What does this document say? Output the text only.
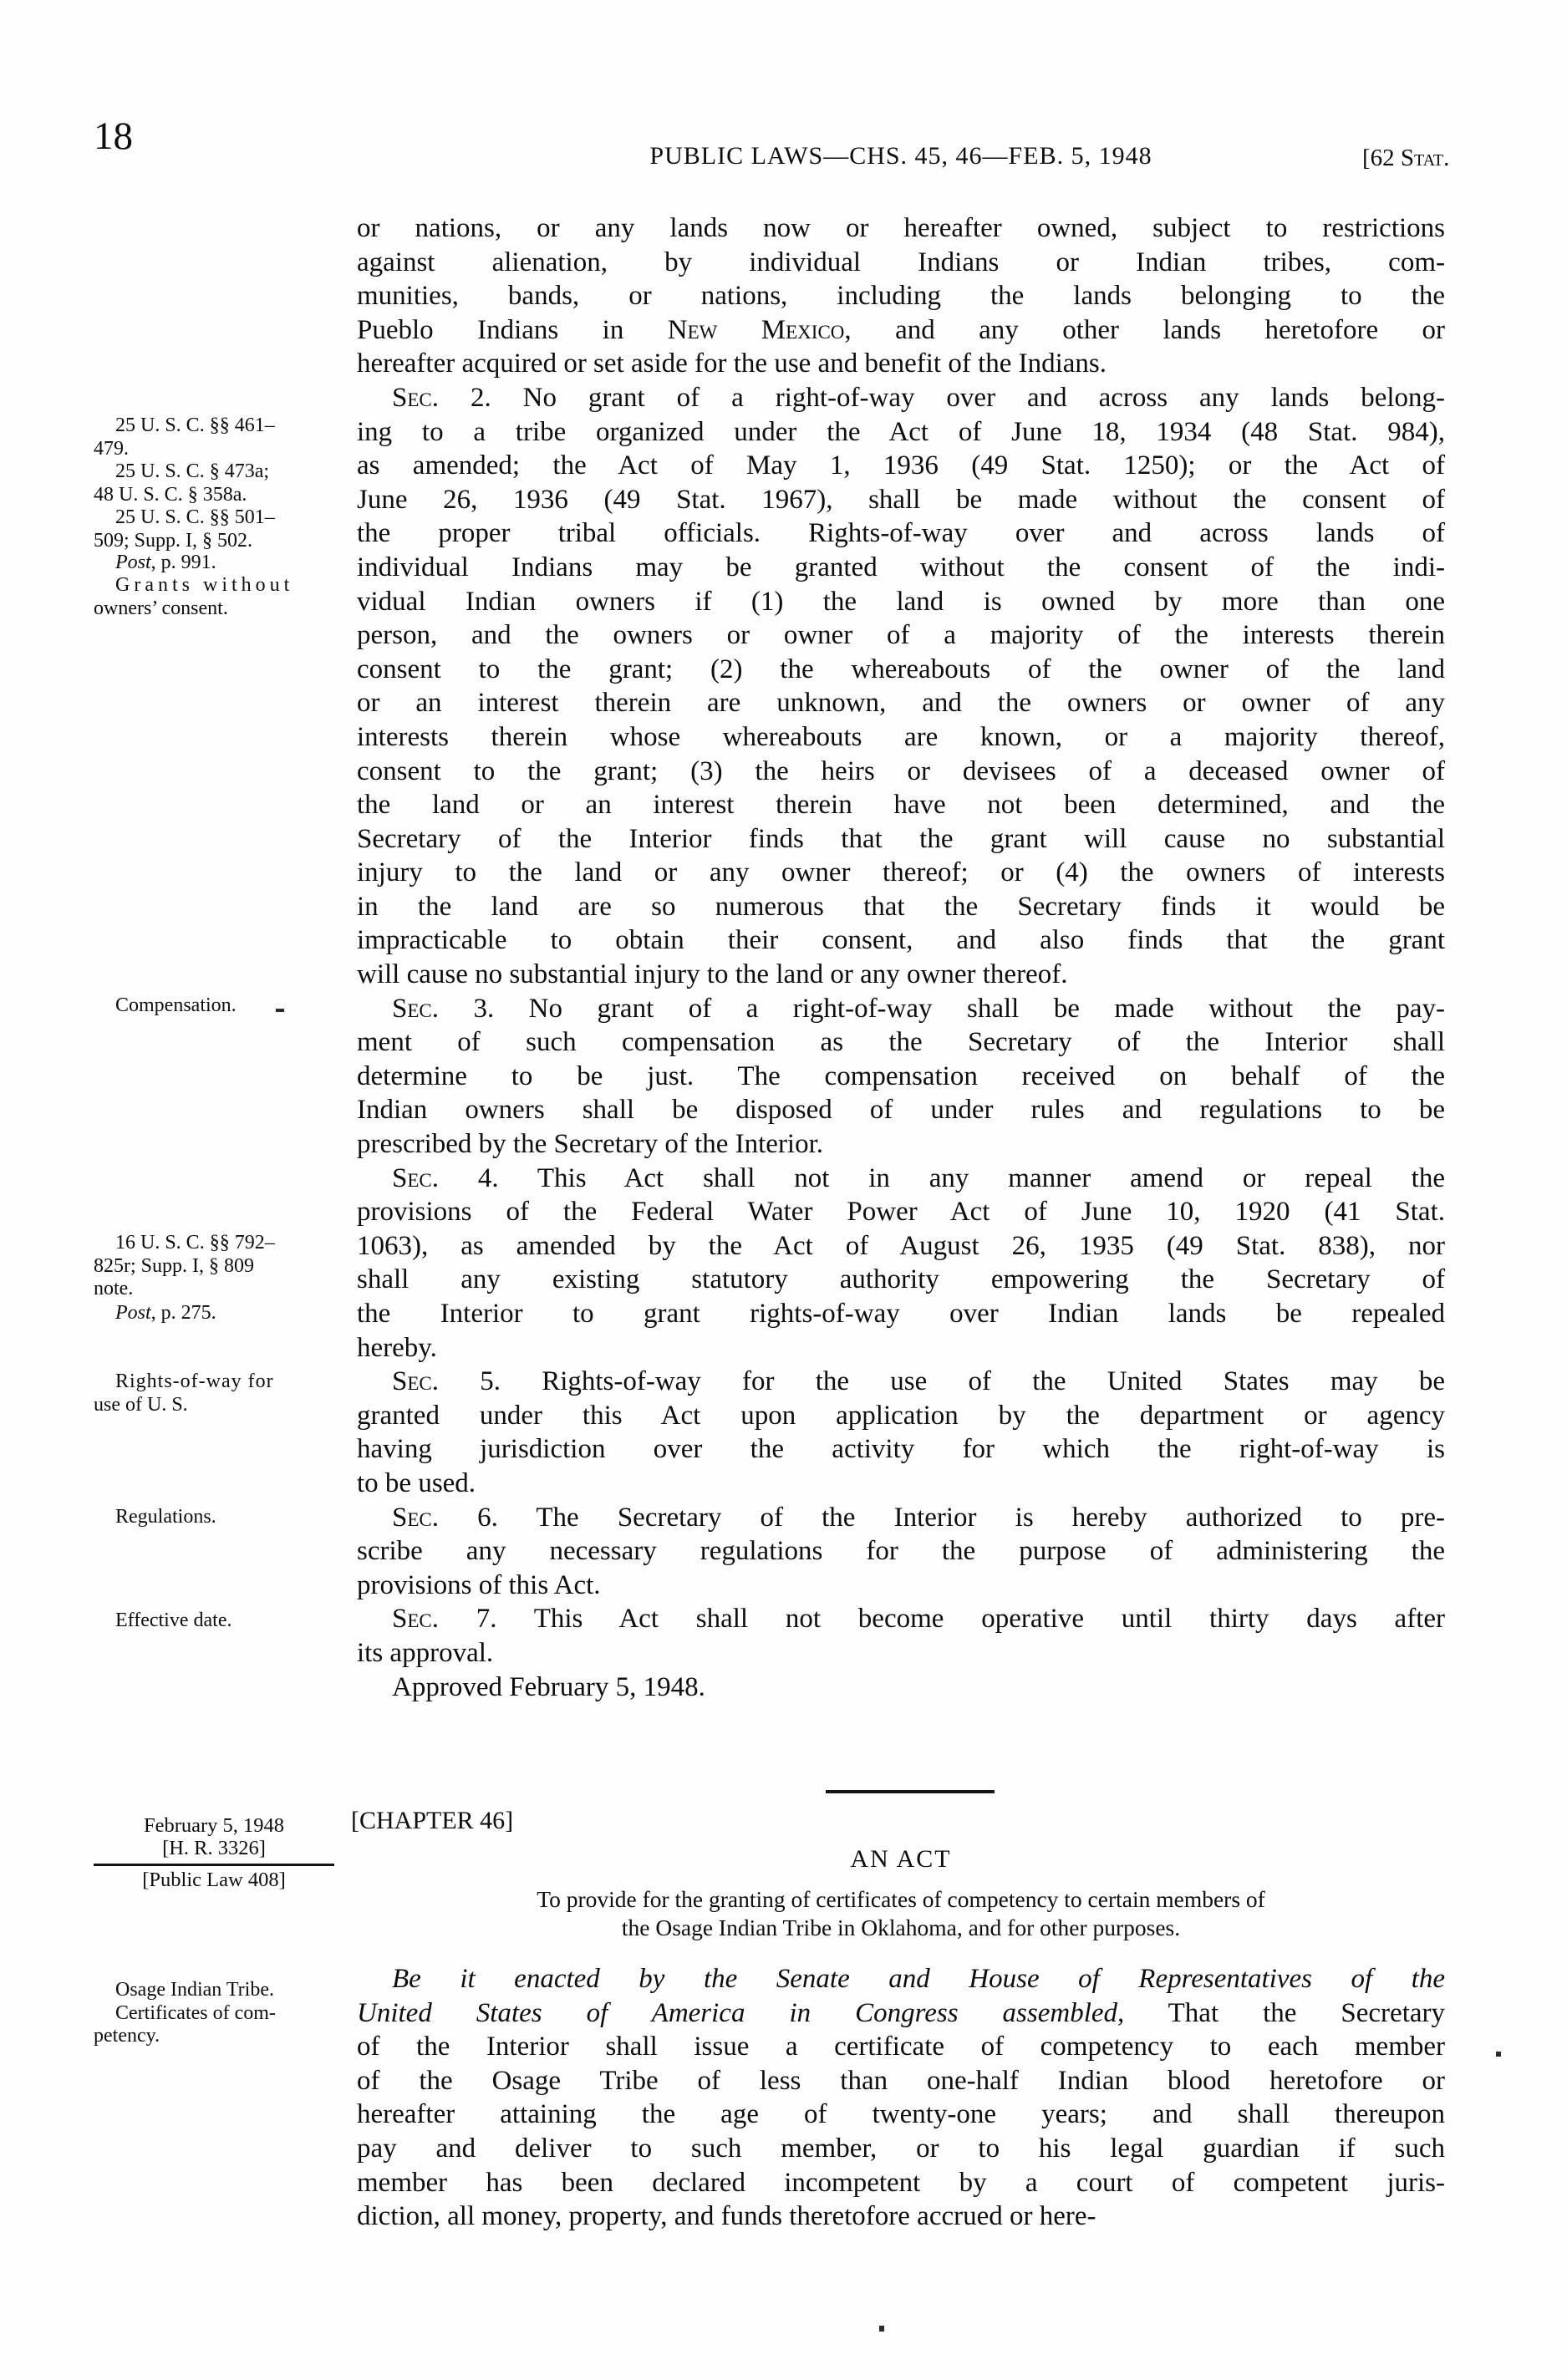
18	PUBLIC LAWS—CHS. 45, 46—FEB. 5, 1948	[62 Stat.
or nations, or any lands now or hereafter owned, subject to restrictions
against alienation, by individual Indians or Indian tribes, com-
munities, bands, or nations, including the lands belonging to the
Pueblo Indians in New Mexico, and any other lands heretofore or
hereafter acquired or set aside for the use and benefit of the Indians.
Sec. 2. No grant of a right-of-way over and across any lands belong-
ing to a tribe organized under the Act of June 18, 1934 (48 Stat. 984),
as amended; the Act of May 1, 1936 (49 Stat. 1250); or the Act of
June 26, 1936 (49 Stat. 1967), shall be made without the consent of
the proper tribal officials. Rights-of-way over and across lands of
individual Indians may be granted without the consent of the indi-
vidual Indian owners if (1) the land is owned by more than one
person, and the owners or owner of a majority of the interests therein
consent to the grant; (2) the whereabouts of the owner of the land
or an interest therein are unknown, and the owners or owner of any
interests therein whose whereabouts are known, or a majority thereof,
consent to the grant; (3) the heirs or devisees of a deceased owner of
the land or an interest therein have not been determined, and the
Secretary of the Interior finds that the grant will cause no substantial
injury to the land or any owner thereof; or (4) the owners of interests
in the land are so numerous that the Secretary finds it would be
impracticable to obtain their consent, and also finds that the grant
will cause no substantial injury to the land or any owner thereof.
Sec. 3. No grant of a right-of-way shall be made without the pay-
ment of such compensation as the Secretary of the Interior shall
determine to be just. The compensation received on behalf of the
Indian owners shall be disposed of under rules and regulations to be
prescribed by the Secretary of the Interior.
Sec. 4. This Act shall not in any manner amend or repeal the
provisions of the Federal Water Power Act of June 10, 1920 (41 Stat.
1063), as amended by the Act of August 26, 1935 (49 Stat. 838), nor
shall any existing statutory authority empowering the Secretary of
the Interior to grant rights-of-way over Indian lands be repealed
hereby.
Sec. 5. Rights-of-way for the use of the United States may be
granted under this Act upon application by the department or agency
having jurisdiction over the activity for which the right-of-way is
to be used.
Sec. 6. The Secretary of the Interior is hereby authorized to pre-
scribe any necessary regulations for the purpose of administering the
provisions of this Act.
Sec. 7. This Act shall not become operative until thirty days after
its approval.
Approved February 5, 1948.
25 U. S. C. §§ 461–
479.
25 U. S. C. § 473a;
48 U. S. C. § 358a.
25 U. S. C. §§ 501–
509; Supp. I, § 502.
Post, p. 991.
Grants without
owners’ consent.
Compensation.
16 U. S. C. §§ 792–
825r; Supp. I, § 809
note.
Post, p. 275.
Rights-of-way for
use of U. S.
Regulations.
Effective date.
Osage Indian Tribe.
Certificates of com-
petency.
February 5, 1948
[H. R. 3326]
[Public Law 408]
[CHAPTER 46]
AN ACT
To provide for the granting of certificates of competency to certain members of
the Osage Indian Tribe in Oklahoma, and for other purposes.
Be it enacted by the Senate and House of Representatives of the
United States of America in Congress assembled, That the Secretary
of the Interior shall issue a certificate of competency to each member
of the Osage Tribe of less than one-half Indian blood heretofore or
hereafter attaining the age of twenty-one years; and shall thereupon
pay and deliver to such member, or to his legal guardian if such
member has been declared incompetent by a court of competent juris-
diction, all money, property, and funds theretofore accrued or here-
